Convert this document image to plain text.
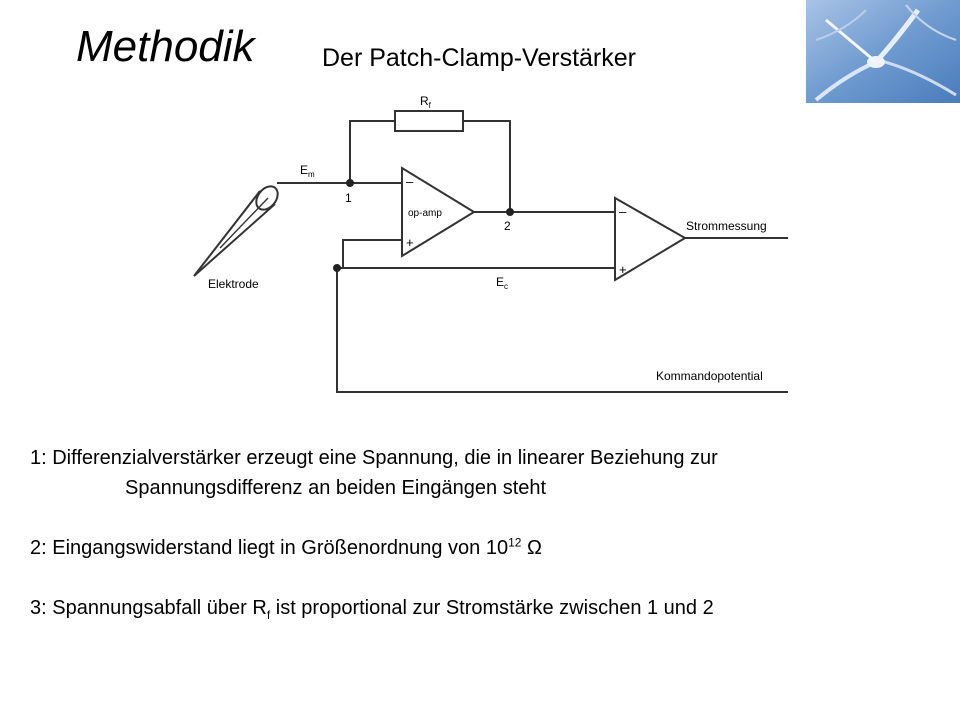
Methodik	Der Patch-Clamp-Verstärker
$R_f$
$E_m$
1
2
op-amp
–
+
–
+
$E_c$
Elektrode
Strommessung
Kommandopotential

1: Differenzialverstärker erzeugt eine Spannung, die in linearer Beziehung zur
Spannungsdifferenz an beiden Eingängen steht

2: Eingangswiderstand liegt in Größenordnung von $10^{12}$ Ω

3: Spannungsabfall über $R_f$ ist proportional zur Stromstärke zwischen 1 und 2
